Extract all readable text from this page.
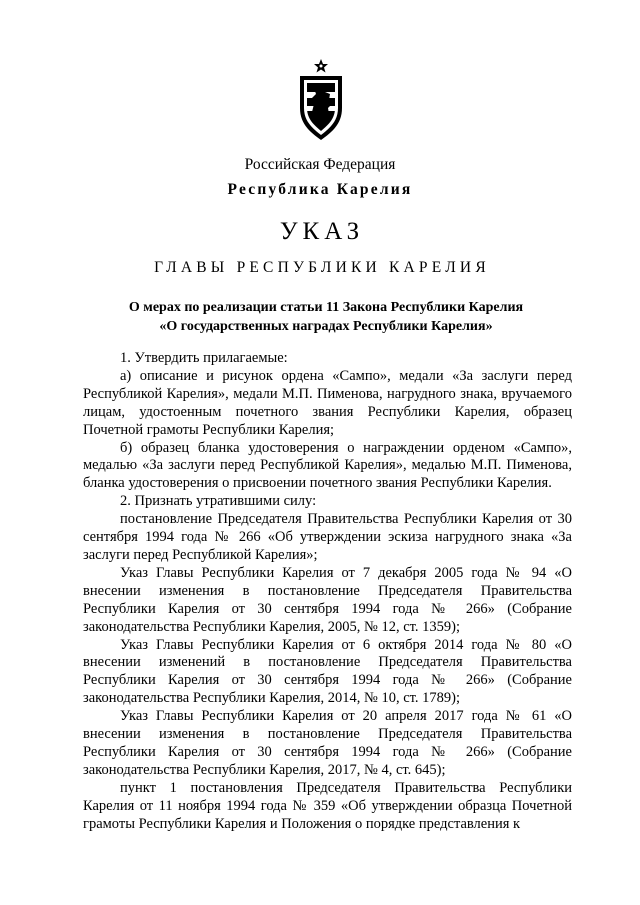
Российская Федерация
Республика Карелия
УКАЗ
ГЛАВЫ РЕСПУБЛИКИ КАРЕЛИЯ
О мерах по реализации статьи 11 Закона Республики Карелия
«О государственных наградах Республики Карелия»

1. Утвердить прилагаемые:

а) описание и рисунок ордена «Сампо», медали «За заслуги перед Республикой Карелия», медали М.П. Пименова, нагрудного знака, вручаемого лицам, удостоенным почетного звания Республики Карелия, образец Почетной грамоты Республики Карелия;

б) образец бланка удостоверения о награждении орденом «Сампо», медалью «За заслуги перед Республикой Карелия», медалью М.П. Пименова, бланка удостоверения о присвоении почетного звания Республики Карелия.

2. Признать утратившими силу:

постановление Председателя Правительства Республики Карелия от 30 сентября 1994 года № 266 «Об утверждении эскиза нагрудного знака «За заслуги перед Республикой Карелия»;

Указ Главы Республики Карелия от 7 декабря 2005 года № 94 «О внесении изменения в постановление Председателя Правительства Республики Карелия от 30 сентября 1994 года № 266» (Собрание законодательства Республики Карелия, 2005, № 12, ст. 1359);

Указ Главы Республики Карелия от 6 октября 2014 года № 80 «О внесении изменений в постановление Председателя Правительства Республики Карелия от 30 сентября 1994 года № 266» (Собрание законодательства Республики Карелия, 2014, № 10, ст. 1789);

Указ Главы Республики Карелия от 20 апреля 2017 года № 61 «О внесении изменения в постановление Председателя Правительства Республики Карелия от 30 сентября 1994 года № 266» (Собрание законодательства Республики Карелия, 2017, № 4, ст. 645);

пункт 1 постановления Председателя Правительства Республики Карелия от 11 ноября 1994 года № 359 «Об утверждении образца Почетной грамоты Республики Карелия и Положения о порядке представления к
